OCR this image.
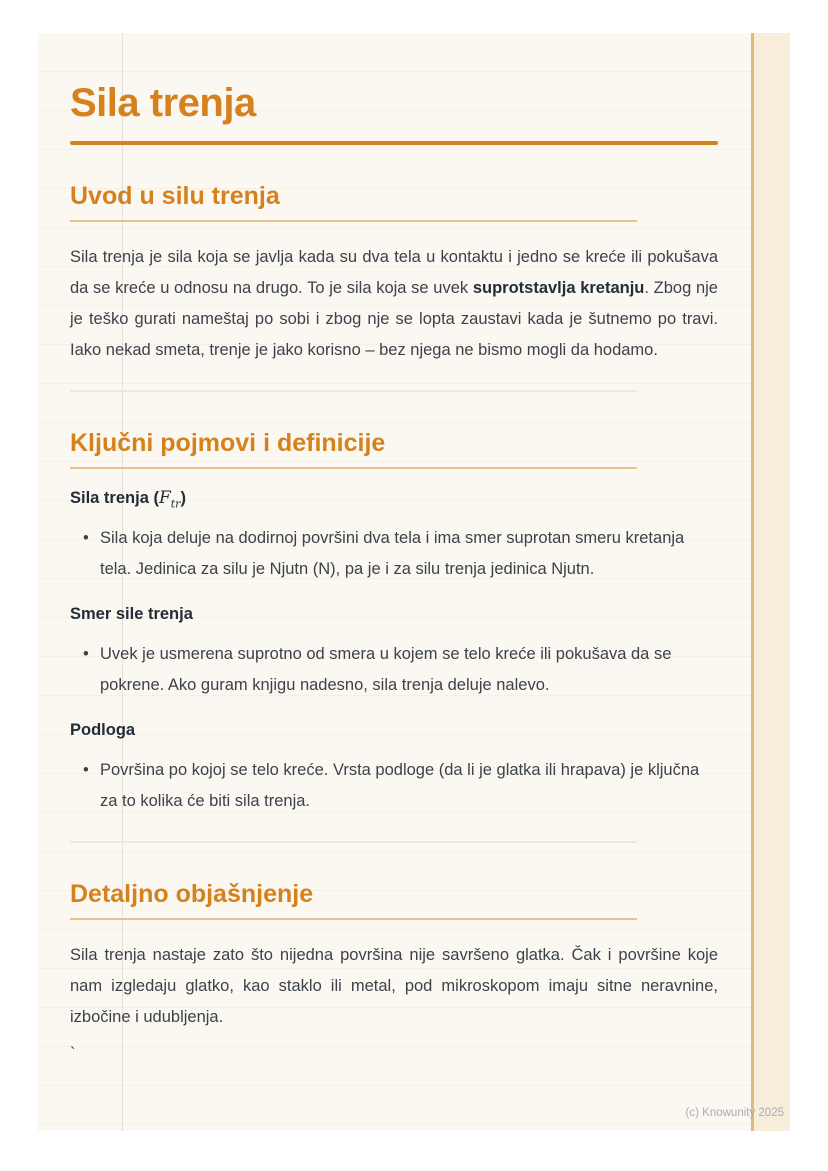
Sila trenja
Uvod u silu trenja

Sila trenja je sila koja se javlja kada su dva tela u kontaktu i jedno se kreće ili pokušava da se kreće u odnosu na drugo. To je sila koja se uvek suprotstavlja kretanju. Zbog nje je teško gurati nameštaj po sobi i zbog nje se lopta zaustavi kada je šutnemo po travi. Iako nekad smeta, trenje je jako korisno – bez njega ne bismo mogli da hodamo.

Ključni pojmovi i definicije

Sila trenja $(F_{tr})$

• Sila koja deluje na dodirnoj površini dva tela i ima smer suprotan smeru kretanja tela. Jedinica za silu je Njutn (N), pa je i za silu trenja jedinica Njutn.

Smer sile trenja

• Uvek je usmerena suprotno od smera u kojem se telo kreće ili pokušava da se pokrene. Ako guram knjigu nadesno, sila trenja deluje nalevo.

Podloga

• Površina po kojoj se telo kreće. Vrsta podloge (da li je glatka ili hrapava) je ključna za to kolika će biti sila trenja.
Detaljno objašnjenje

Sila trenja nastaje zato što nijedna površina nije savršeno glatka. Čak i površine koje nam izgledaju glatko, kao staklo ili metal, pod mikroskopom imaju sitne neravnine, izbočine i udubljenja.

`

(c) Knowunity 2025
